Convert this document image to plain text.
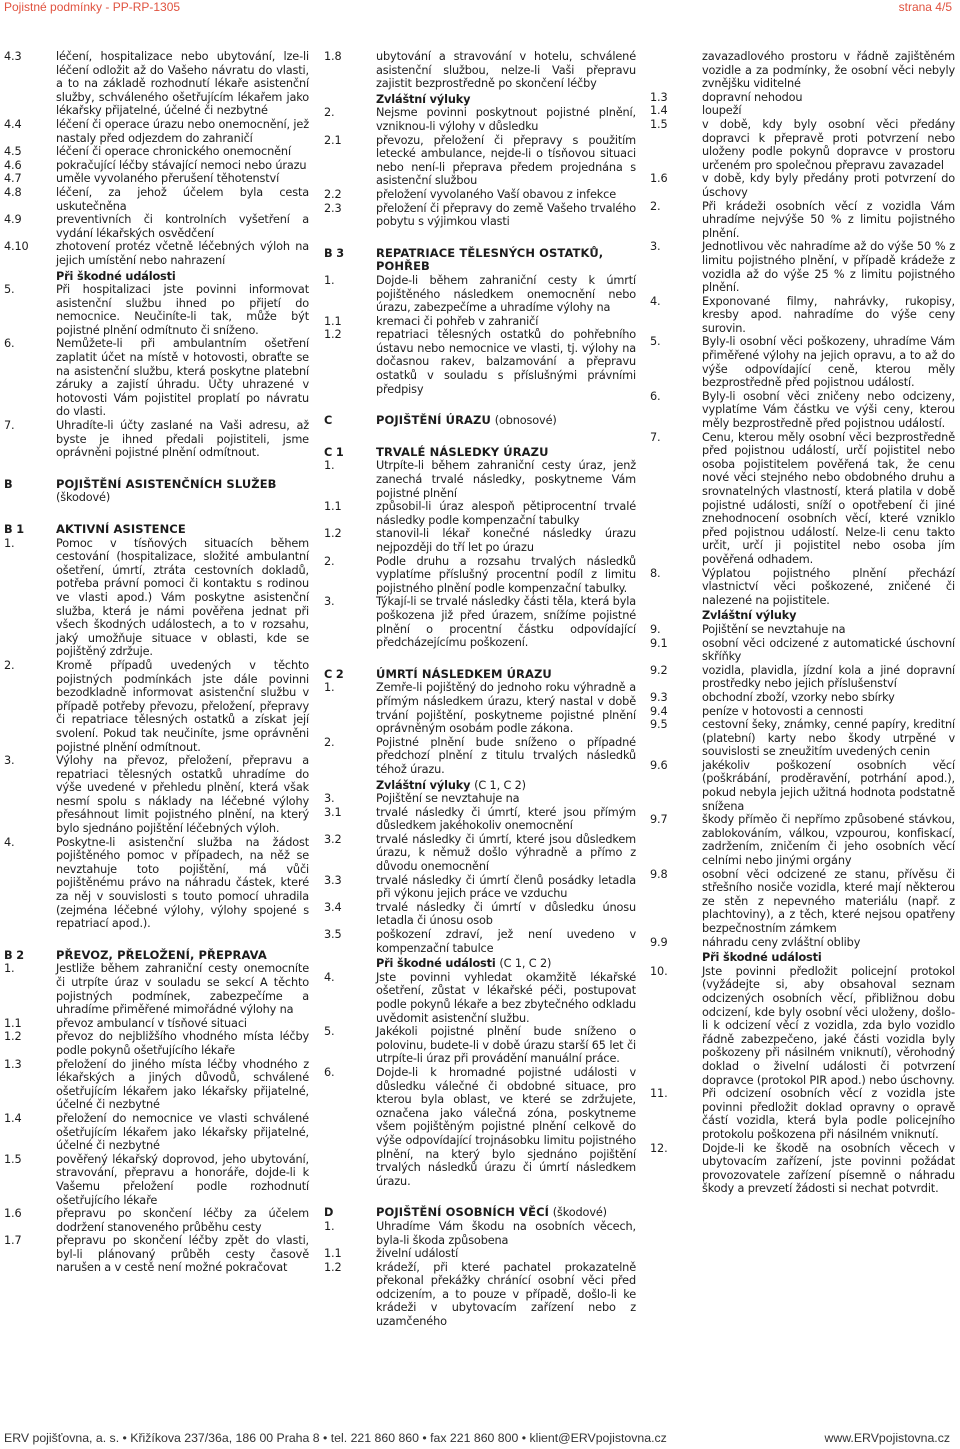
Pojistné podmínky - PP-RP-1305	strana 4/5
4.3	léčení, hospitalizace nebo ubytování, lze-li léčení odložit až do Vašeho návratu do vlasti, a to na základě rozhodnutí lékaře asistenční služby, schváleného ošetřujícím lékařem jako lékařsky přijatelné, účelné či nezbytné
4.4	léčení či operace úrazu nebo onemocnění, jež nastaly před odjezdem do zahraničí
4.5	léčení či operace chronického onemocnění
4.6	pokračující léčby stávající nemoci nebo úrazu
4.7	uměle vyvolaného přerušení těhotenství
4.8	léčení, za jehož účelem byla cesta uskutečněna
4.9	preventivních či kontrolních vyšetření a vydání lékařských osvědčení
4.10	zhotovení protéz včetně léčebných výloh na jejich umístění nebo nahrazení
Při škodné události
5.	Při hospitalizaci jste povinni informovat asistenční službu ihned po přijetí do nemocnice. Neučiníte-li tak, může být pojistné plnění odmítnuto či sníženo.
6.	Nemůžete-li při ambulantním ošetření zaplatit účet na místě v hotovosti, obraťte se na asistenční službu, která poskytne platební záruky a zajistí úhradu. Účty uhrazené v hotovosti Vám pojistitel proplatí po návratu do vlasti.
7.	Uhradíte-li účty zaslané na Vaši adresu, až byste je ihned předali pojistiteli, jsme oprávněni pojistné plnění odmítnout.
B	POJIŠTĚNÍ ASISTENČNÍCH SLUŽEB (škodové)
B 1	AKTIVNÍ ASISTENCE
1.	Pomoc v tísňových situacích během cestování (hospitalizace, složité ambulantní ošetření, úmrtí, ztráta cestovních dokladů, potřeba právní pomoci či kontaktu s rodinou ve vlasti apod.) Vám poskytne asistenční služba, která je námi pověřena jednat při všech škodných událostech, a to v rozsahu, jaký umožňuje situace v oblasti, kde se pojištěný zdržuje.
2.	Kromě případů uvedených v těchto pojistných podmínkách jste dále povinni bezodkladně informovat asistenční službu v případě potřeby převozu, přeložení, přepravy či repatriace tělesných ostatků a získat její svolení. Pokud tak neučiníte, jsme oprávněni pojistné plnění odmítnout.
3.	Výlohy na převoz, přeložení, přepravu a repatriaci tělesných ostatků uhradíme do výše uvedené v přehledu plnění, která však nesmí spolu s náklady na léčebné výlohy přesáhnout limit pojistného plnění, na který bylo sjednáno pojištění léčebných výloh.
4.	Poskytne-li asistenční služba na žádost pojištěného pomoc v případech, na něž se nevztahuje toto pojištění, má vůči pojištěnému právo na náhradu částek, které za něj v souvislosti s touto pomocí uhradila (zejména léčebné výlohy, výlohy spojené s repatriací apod.).
B 2	PŘEVOZ, PŘELOŽENÍ, PŘEPRAVA
1.	Jestliže během zahraniční cesty onemocníte či utrpíte úraz v souladu se sekcí A těchto pojistných podmínek, zabezpečíme a uhradíme přiměřené mimořádné výlohy na
1.1	převoz ambulancí v tísňové situaci
1.2	převoz do nejbližšího vhodného místa léčby podle pokynů ošetřujícího lékaře
1.3	přeložení do jiného místa léčby vhodného z lékařských a jiných důvodů, schválené ošetřujícím lékařem jako lékařsky přijatelné, účelné či nezbytné
1.4	přeložení do nemocnice ve vlasti schválené ošetřujícím lékařem jako lékařsky přijatelné, účelné či nezbytné
1.5	pověřený lékařský doprovod, jeho ubytování, stravování, přepravu a honoráře, dojde-li k Vašemu přeložení podle rozhodnutí ošetřujícího lékaře
1.6	přepravu po skončení léčby za účelem dodržení stanoveného průběhu cesty
1.7	přepravu po skončení léčby zpět do vlasti, byl-li plánovaný průběh cesty časově narušen a v cestě není možné pokračovat
1.8	ubytování a stravování v hotelu, schválené asistenční službou, nelze-li Vaši přepravu zajistit bezprostředně po skončení léčby
Zvláštní výluky
2.	Nejsme povinni poskytnout pojistné plnění, vzniknou-li výlohy v důsledku
2.1	převozu, přeložení či přepravy s použitím letecké ambulance, nejde-li o tísňovou situaci nebo není-li přeprava předem projednána s asistenční službou
2.2	přeložení vyvolaného Vaší obavou z infekce
2.3	přeložení či přepravy do země Vašeho trvalého pobytu s výjimkou vlasti
B 3	REPATRIACE TĚLESNÝCH OSTATKŮ, POHŘEB
1.	Dojde-li během zahraniční cesty k úmrtí pojištěného následkem onemocnění nebo úrazu, zabezpečíme a uhradíme výlohy na
1.1	kremaci či pohřeb v zahraničí
1.2	repatriaci tělesných ostatků do pohřebního ústavu nebo nemocnice ve vlasti, tj. výlohy na dočasnou rakev, balzamování a přepravu ostatků v souladu s příslušnými právními předpisy
C	POJIŠTĚNÍ ÚRAZU (obnosové)
C 1	TRVALÉ NÁSLEDKY ÚRAZU
1.	Utrpíte-li během zahraniční cesty úraz, jenž zanechá trvalé následky, poskytneme Vám pojistné plnění
1.1	způsobil-li úraz alespoň pětiprocentní trvalé následky podle kompenzační tabulky
1.2	stanovil-li lékař konečné následky úrazu nejpozději do tří let po úrazu
2.	Podle druhu a rozsahu trvalých následků vyplatíme příslušný procentní podíl z limitu pojistného plnění podle kompenzační tabulky.
3.	Týkají-li se trvalé následky části těla, která byla poškozena již před úrazem, snížíme pojistné plnění o procentní částku odpovídající předcházejícímu poškození.
C 2	ÚMRTÍ NÁSLEDKEM ÚRAZU
1.	Zemře-li pojištěný do jednoho roku výhradně a přímým následkem úrazu, který nastal v době trvání pojištění, poskytneme pojistné plnění oprávněným osobám podle zákona.
2.	Pojistné plnění bude sníženo o případné předchozí plnění z titulu trvalých následků téhož úrazu.
Zvláštní výluky (C 1, C 2)
3.	Pojištění se nevztahuje na
3.1	trvalé následky či úmrtí, které jsou přímým důsledkem jakéhokoliv onemocnění
3.2	trvalé následky či úmrtí, které jsou důsledkem úrazu, k němuž došlo výhradně a přímo z důvodu onemocnění
3.3	trvalé následky či úmrtí členů posádky letadla při výkonu jejich práce ve vzduchu
3.4	trvalé následky či úmrtí v důsledku únosu letadla či únosu osob
3.5	poškození zdraví, jež není uvedeno v kompenzační tabulce
Při škodné události (C 1, C 2)
4.	Jste povinni vyhledat okamžitě lékařské ošetření, zůstat v lékařské péči, postupovat podle pokynů lékaře a bez zbytečného odkladu uvědomit asistenční službu.
5.	Jakékoli pojistné plnění bude sníženo o polovinu, budete-li v době úrazu starší 65 let či utrpíte-li úraz při provádění manuální práce.
6.	Dojde-li k hromadné pojistné události v důsledku válečné či obdobné situace, pro kterou byla oblast, ve které se zdržujete, označena jako válečná zóna, poskytneme všem pojištěným pojistné plnění celkově do výše odpovídající trojnásobku limitu pojistného plnění, na který bylo sjednáno pojištění trvalých následků úrazu či úmrtí následkem úrazu.
D	POJIŠTĚNÍ OSOBNÍCH VĚCÍ (škodové)
1.	Uhradíme Vám škodu na osobních věcech, byla-li škoda způsobena
1.1	živelní událostí
1.2	krádeží, při které pachatel prokazatelně překonal překážky chránící osobní věci před odcizením, a to pouze v případě, došlo-li ke krádeži v ubytovacím zařízení nebo z uzamčeného
zavazadlového prostoru v řádně zajištěném vozidle a za podmínky, že osobní věci nebyly zvnějšku viditelné
1.3	dopravní nehodou
1.4	loupeží
1.5	v době, kdy byly osobní věci předány dopravci k přepravě proti potvrzení nebo uloženy podle pokynů dopravce v prostoru určeném pro společnou přepravu zavazadel
1.6	v době, kdy byly předány proti potvrzení do úschovy
2.	Při krádeži osobních věcí z vozidla Vám uhradíme nejvýše 50 % z limitu pojistného plnění.
3.	Jednotlivou věc nahradíme až do výše 50 % z limitu pojistného plnění, v případě krádeže z vozidla až do výše 25 % z limitu pojistného plnění.
4.	Exponované filmy, nahrávky, rukopisy, kresby apod. nahradíme do výše ceny surovin.
5.	Byly-li osobní věci poškozeny, uhradíme Vám přiměřené výlohy na jejich opravu, a to až do výše odpovídající ceně, kterou měly bezprostředně před pojistnou událostí.
6.	Byly-li osobní věci zničeny nebo odcizeny, vyplatíme Vám částku ve výši ceny, kterou měly bezprostředně před pojistnou událostí.
7.	Cenu, kterou měly osobní věci bezprostředně před pojistnou událostí, určí pojistitel nebo osoba pojistitelem pověřená tak, že cenu nové věci stejného nebo obdobného druhu a srovnatelných vlastností, která platila v době pojistné události, sníží o opotřebení či jiné znehodnocení osobních věcí, které vzniklo před pojistnou událostí. Nelze-li cenu takto určit, určí ji pojistitel nebo osoba jím pověřená odhadem.
8.	Výplatou pojistného plnění přechází vlastnictví věci poškozené, zničené či nalezené na pojistitele.
Zvláštní výluky
9.	Pojištění se nevztahuje na
9.1	osobní věci odcizené z automatické úschovní skříňky
9.2	vozidla, plavidla, jízdní kola a jiné dopravní prostředky nebo jejich příslušenství
9.3	obchodní zboží, vzorky nebo sbírky
9.4	peníze v hotovosti a cennosti
9.5	cestovní šeky, známky, cenné papíry, kreditní (platební) karty nebo škody utrpěné v souvislosti se zneužitím uvedených cenin
9.6	jakékoliv poškození osobních věcí (poškrábání, proděravění, potrhání apod.), pokud nebyla jejich užitná hodnota podstatně snížena
9.7	škody příměo či nepřímo způsobené stávkou, zablokováním, válkou, vzpourou, konfiskací, zadržením, zničením či jeho osobních věcí celními nebo jinými orgány
9.8	osobní věci odcizené ze stanu, přívěsu či střešního nosiče vozidla, které mají některou ze stěn z nepevného materiálu (např. z plachtoviny), a z těch, které nejsou opatřeny bezpečnostním zámkem
9.9	náhradu ceny zvláštní obliby
Při škodné události
10.	Jste povinni předložit policejní protokol (vyžádejte si, aby obsahoval seznam odcizených osobních věcí, přibližnou dobu odcizení, kde byly osobní věci uloženy, došlo-li k odcizení věcí z vozidla, zda bylo vozidlo řádně zabezpečeno, jaké části vozidla byly poškozeny při násilném vniknutí), věrohodný doklad o živelní události či potvrzení dopravce (protokol PIR apod.) nebo úschovny.
11.	Při odcizení osobních věcí z vozidla jste povinni předložit doklad opravny o opravě částí vozidla, která byla podle policejního protokolu poškozena při násilném vniknutí.
12.	Dojde-li ke škodě na osobních věcech v ubytovacím zařízení, jste povinni požádat provozovatele zařízení písemně o náhradu škody a prevzetí žádosti si nechat potvrdit.
ERV pojišťovna, a. s. • Křižíkova 237/36a, 186 00 Praha 8 • tel. 221 860 860 • fax 221 860 800 • klient@ERVpojistovna.cz	www.ERVpojistovna.cz
